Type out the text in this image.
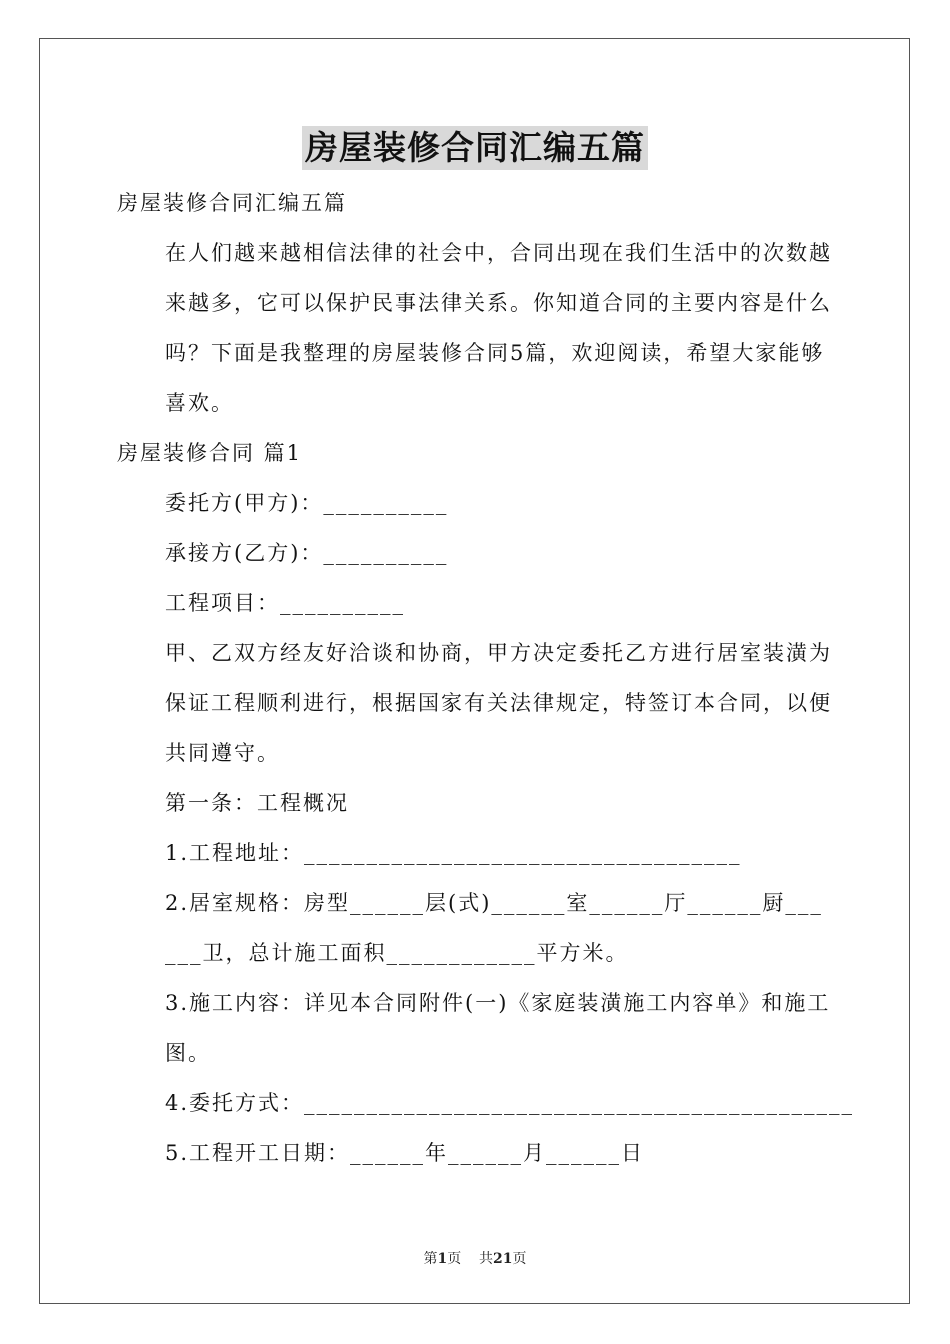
房屋装修合同汇编五篇

房屋装修合同汇编五篇

在人们越来越相信法律的社会中，合同出现在我们生活中的次数越来越多，它可以保护民事法律关系。你知道合同的主要内容是什么吗？下面是我整理的房屋装修合同5篇，欢迎阅读，希望大家能够喜欢。

房屋装修合同 篇1

委托方(甲方)：__________

承接方(乙方)：__________

工程项目：__________

甲、乙双方经友好洽谈和协商，甲方决定委托乙方进行居室装潢为保证工程顺利进行，根据国家有关法律规定，特签订本合同，以便共同遵守。

第一条：工程概况

1.工程地址：___________________________________

2.居室规格：房型______层(式)______室______厅______厨______卫，总计施工面积____________平方米。

3.施工内容：详见本合同附件(一)《家庭装潢施工内容单》和施工图。

4.委托方式：____________________________________________

5.工程开工日期：______年______月______日

第1页 共21页
